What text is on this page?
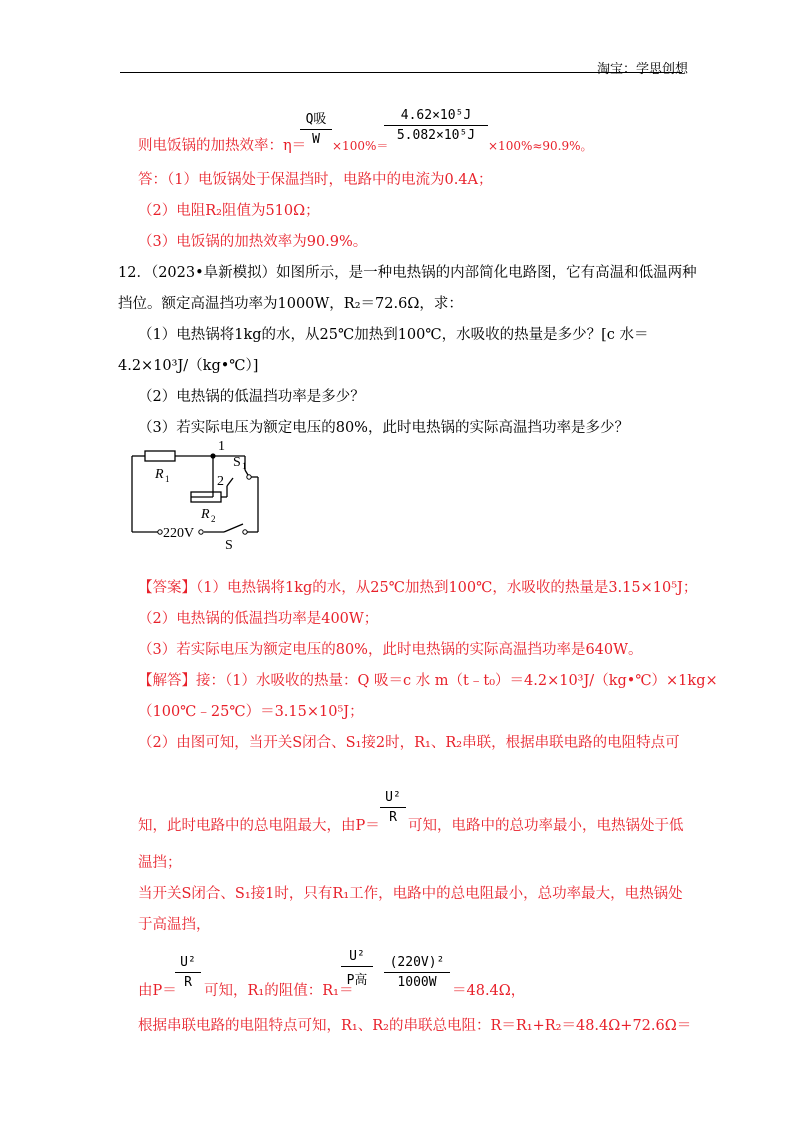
淘宝：学思创想
Q吸
W
4.62×10⁵J
5.082×10⁵J
则电饭锅的加热效率：η＝ ×100%＝	×100%≈90.9%。
答：（1）电饭锅处于保温挡时，电路中的电流为0.4A；
（2）电阻R₂阻值为510Ω；
（3）电饭锅的加热效率为90.9%。
12．（2023•阜新模拟）如图所示，是一种电热锅的内部简化电路图，它有高温和低温两种
挡位。额定高温挡功率为1000W，R₂＝72.6Ω，求：
（1）电热锅将1kg的水，从25℃加热到100℃，水吸收的热量是多少？[c 水＝
4.2×10³J/（kg•℃）]
（2）电热锅的低温挡功率是多少？
（3）若实际电压为额定电压的80%，此时电热锅的实际高温挡功率是多少？
1
S 1
R 1	2
R 2
220V
S
【答案】（1）电热锅将1kg的水，从25℃加热到100℃，水吸收的热量是3.15×10⁵J；
（2）电热锅的低温挡功率是400W；
（3）若实际电压为额定电压的80%，此时电热锅的实际高温挡功率是640W。
【解答】接：（1）水吸收的热量：Q 吸＝c 水 m（t﹣t₀）＝4.2×10³J/（kg•℃）×1kg×
（100℃﹣25℃）＝3.15×10⁵J；
（2）由图可知，当开关S闭合、S₁接2时，R₁、R₂串联，根据串联电路的电阻特点可
U²
R
知，此时电路中的总电阻最大，由P＝ 可知，电路中的总功率最小，电热锅处于低
温挡；
当开关S闭合、S₁接1时，只有R₁工作，电路中的总电阻最小，总功率最大，电热锅处
于高温挡，
U²
R
U²
P高
(220V)²
1000W
由P＝ 可知，R₁的阻值：R₁＝	＝48.4Ω，
根据串联电路的电阻特点可知，R₁、R₂的串联总电阻：R＝R₁+R₂＝48.4Ω+72.6Ω＝
